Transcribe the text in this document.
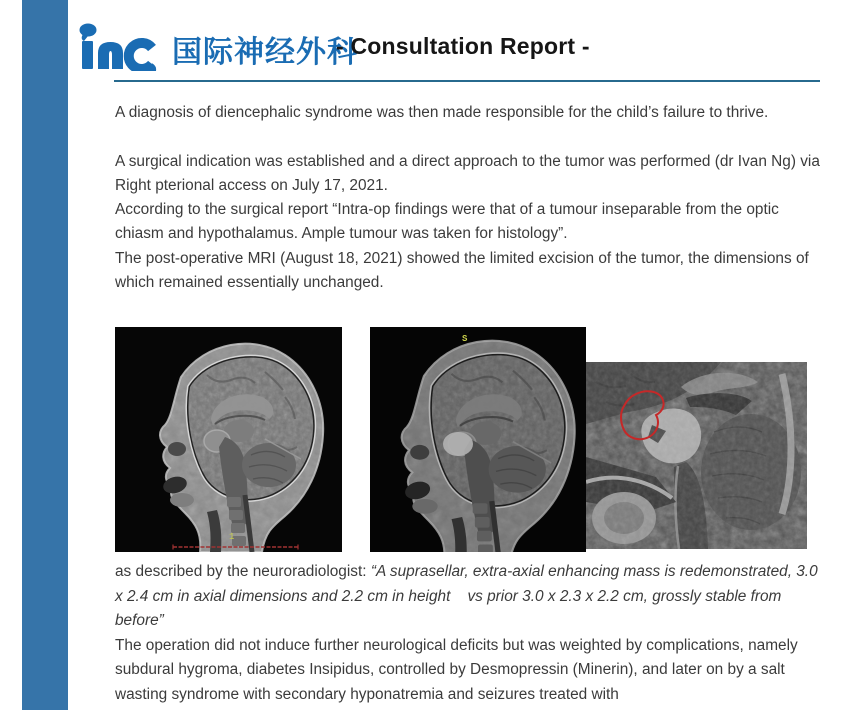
国际神经外科
- Consultation Report -

A diagnosis of diencephalic syndrome was then made responsible for the child’s failure to thrive.

A surgical indication was established and a direct approach to the tumor was performed (dr Ivan Ng) via Right pterional access on July 17, 2021.

According to the surgical report “Intra-op findings were that of a tumour inseparable from the optic chiasm and hypothalamus. Ample tumour was taken for histology”.

The post-operative MRI (August 18, 2021) showed the limited excision of the tumor, the dimensions of which remained essentially unchanged.

1
S

as described by the neuroradiologist: “A suprasellar, extra-axial enhancing mass is redemonstrated, 3.0 x 2.4 cm in axial dimensions and 2.2 cm in height    vs prior 3.0 x 2.3 x 2.2 cm, grossly stable from before”

The operation did not induce further neurological deficits but was weighted by complications, namely subdural hygroma, diabetes Insipidus, controlled by Desmopressin (Minerin), and later on by a salt wasting syndrome with secondary hyponatremia and seizures treated with
